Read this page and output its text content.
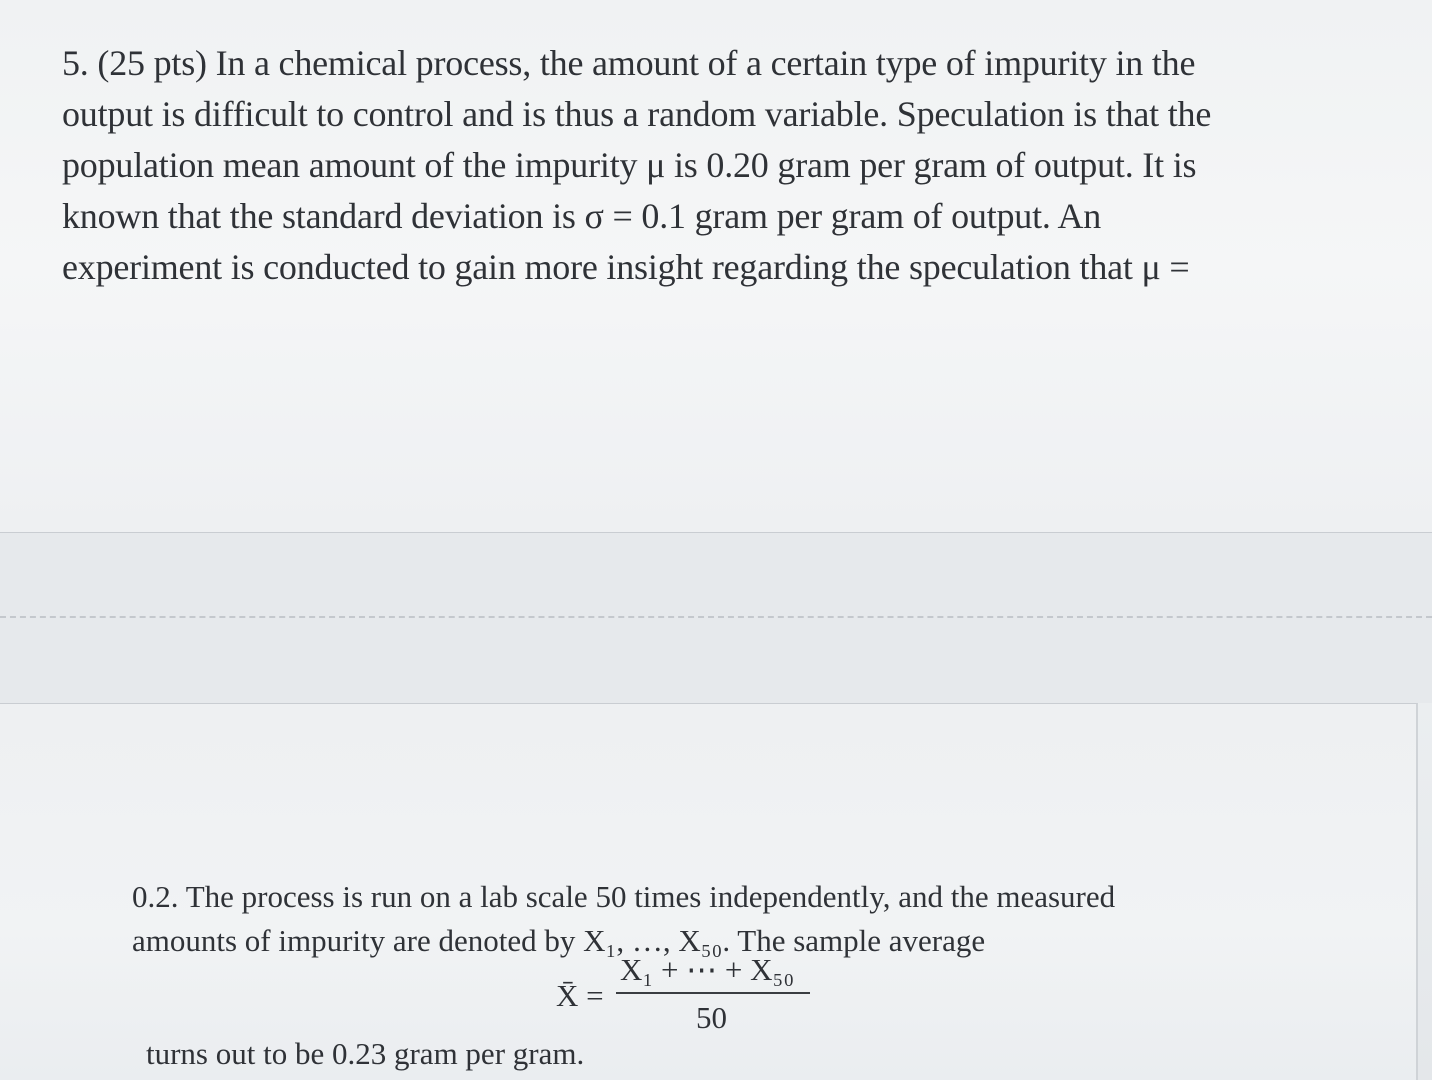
5. (25 pts) In a chemical process, the amount of a certain type of impurity in the

output is difficult to control and is thus a random variable. Speculation is that the

population mean amount of the impurity μ is 0.20 gram per gram of output. It is

known that the standard deviation is σ = 0.1 gram per gram of output. An

experiment is conducted to gain more insight regarding the speculation that μ =

0.2. The process is run on a lab scale 50 times independently, and the measured

amounts of impurity are denoted by X₁, …, X₅₀. The sample average

X̄ =
X₁ + ⋯ + X₅₀
50
turns out to be 0.23 gram per gram.
